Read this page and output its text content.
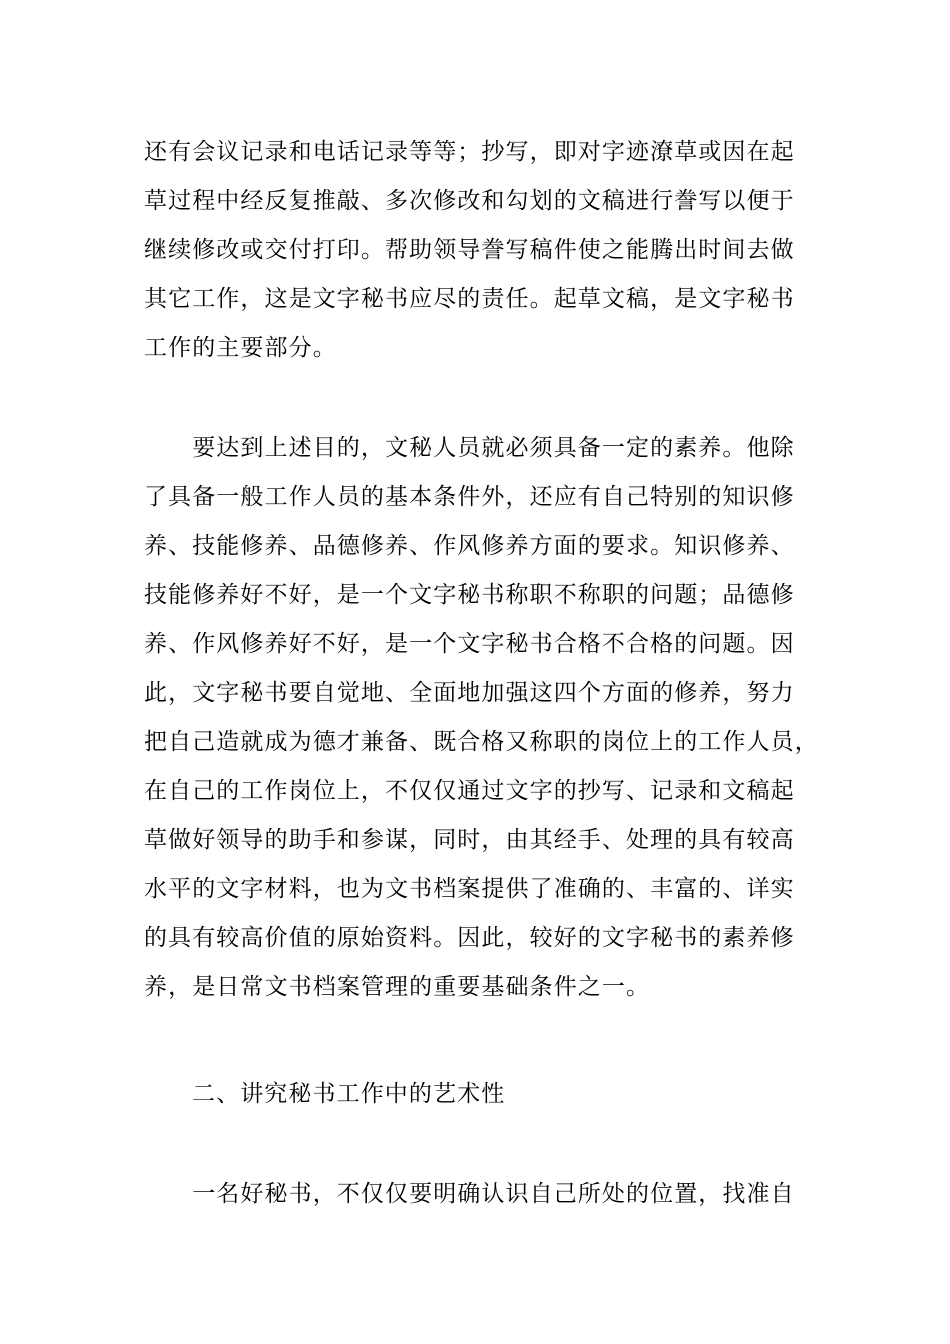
还有会议记录和电话记录等等；抄写，即对字迹潦草或因在起
草过程中经反复推敲、多次修改和勾划的文稿进行誊写以便于
继续修改或交付打印。帮助领导誊写稿件使之能腾出时间去做
其它工作，这是文字秘书应尽的责任。起草文稿，是文字秘书
工作的主要部分。
　　要达到上述目的，文秘人员就必须具备一定的素养。他除
了具备一般工作人员的基本条件外，还应有自己特别的知识修
养、技能修养、品德修养、作风修养方面的要求。知识修养、
技能修养好不好，是一个文字秘书称职不称职的问题；品德修
养、作风修养好不好，是一个文字秘书合格不合格的问题。因
此，文字秘书要自觉地、全面地加强这四个方面的修养，努力
把自己造就成为德才兼备、既合格又称职的岗位上的工作人员，
在自己的工作岗位上，不仅仅通过文字的抄写、记录和文稿起
草做好领导的助手和参谋，同时，由其经手、处理的具有较高
水平的文字材料，也为文书档案提供了准确的、丰富的、详实
的具有较高价值的原始资料。因此，较好的文字秘书的素养修
养，是日常文书档案管理的重要基础条件之一。
二、讲究秘书工作中的艺术性
　　一名好秘书，不仅仅要明确认识自己所处的位置，找准自
